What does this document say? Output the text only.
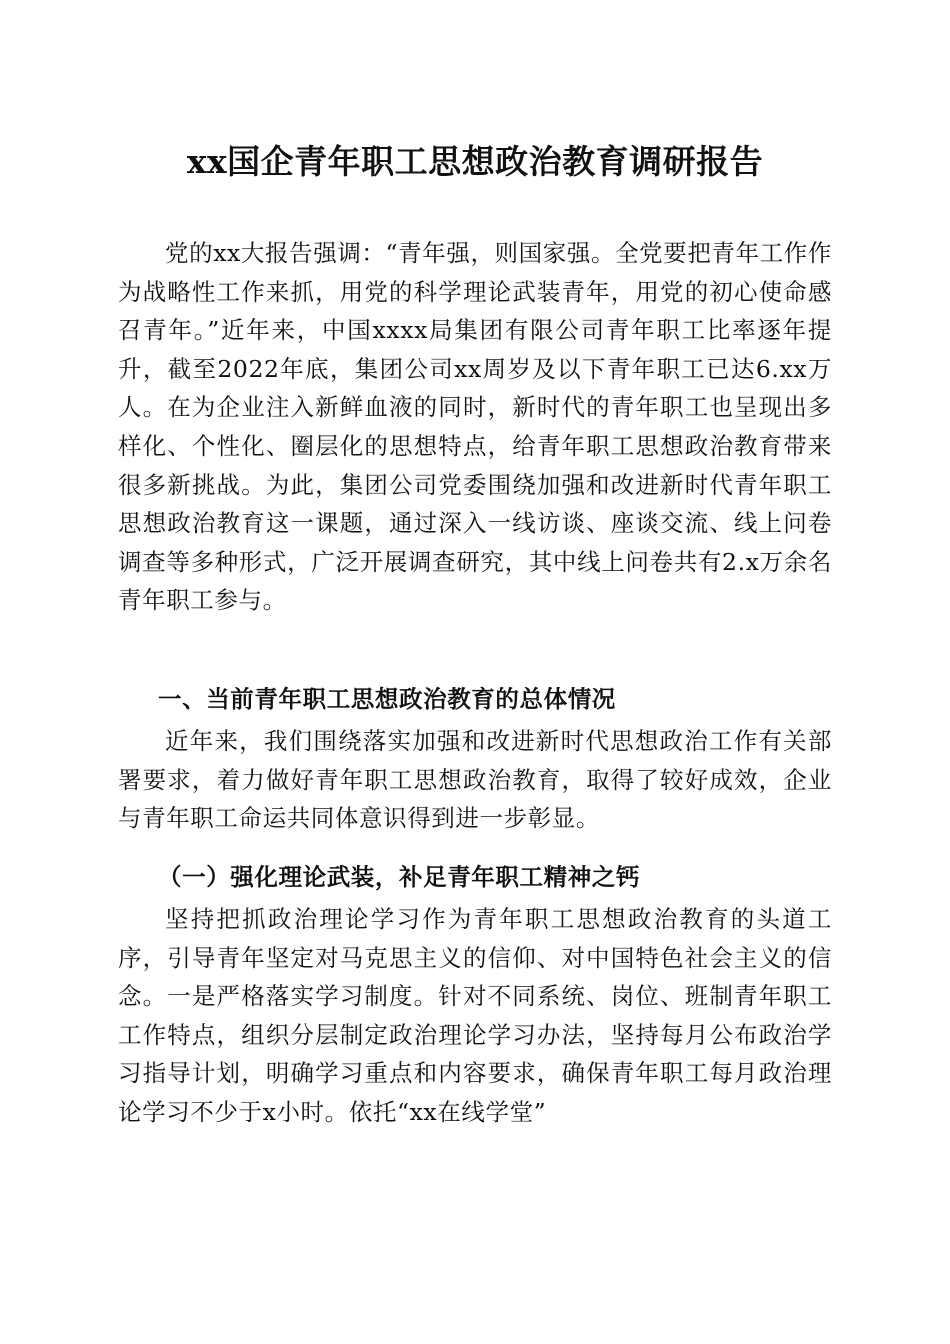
xx国企青年职工思想政治教育调研报告

党的xx大报告强调：“青年强，则国家强。全党要把青年工作作为战略性工作来抓，用党的科学理论武装青年，用党的初心使命感召青年。”近年来，中国xxxx局集团有限公司青年职工比率逐年提升，截至2022年底，集团公司xx周岁及以下青年职工已达6.xx万人。在为企业注入新鲜血液的同时，新时代的青年职工也呈现出多样化、个性化、圈层化的思想特点，给青年职工思想政治教育带来很多新挑战。为此，集团公司党委围绕加强和改进新时代青年职工思想政治教育这一课题，通过深入一线访谈、座谈交流、线上问卷调查等多种形式，广泛开展调查研究，其中线上问卷共有2.x万余名青年职工参与。

一、当前青年职工思想政治教育的总体情况

近年来，我们围绕落实加强和改进新时代思想政治工作有关部署要求，着力做好青年职工思想政治教育，取得了较好成效，企业与青年职工命运共同体意识得到进一步彰显。

（一）强化理论武装，补足青年职工精神之钙

坚持把抓政治理论学习作为青年职工思想政治教育的头道工序，引导青年坚定对马克思主义的信仰、对中国特色社会主义的信念。一是严格落实学习制度。针对不同系统、岗位、班制青年职工工作特点，组织分层制定政治理论学习办法，坚持每月公布政治学习指导计划，明确学习重点和内容要求，确保青年职工每月政治理论学习不少于x小时。依托“xx在线学堂”
